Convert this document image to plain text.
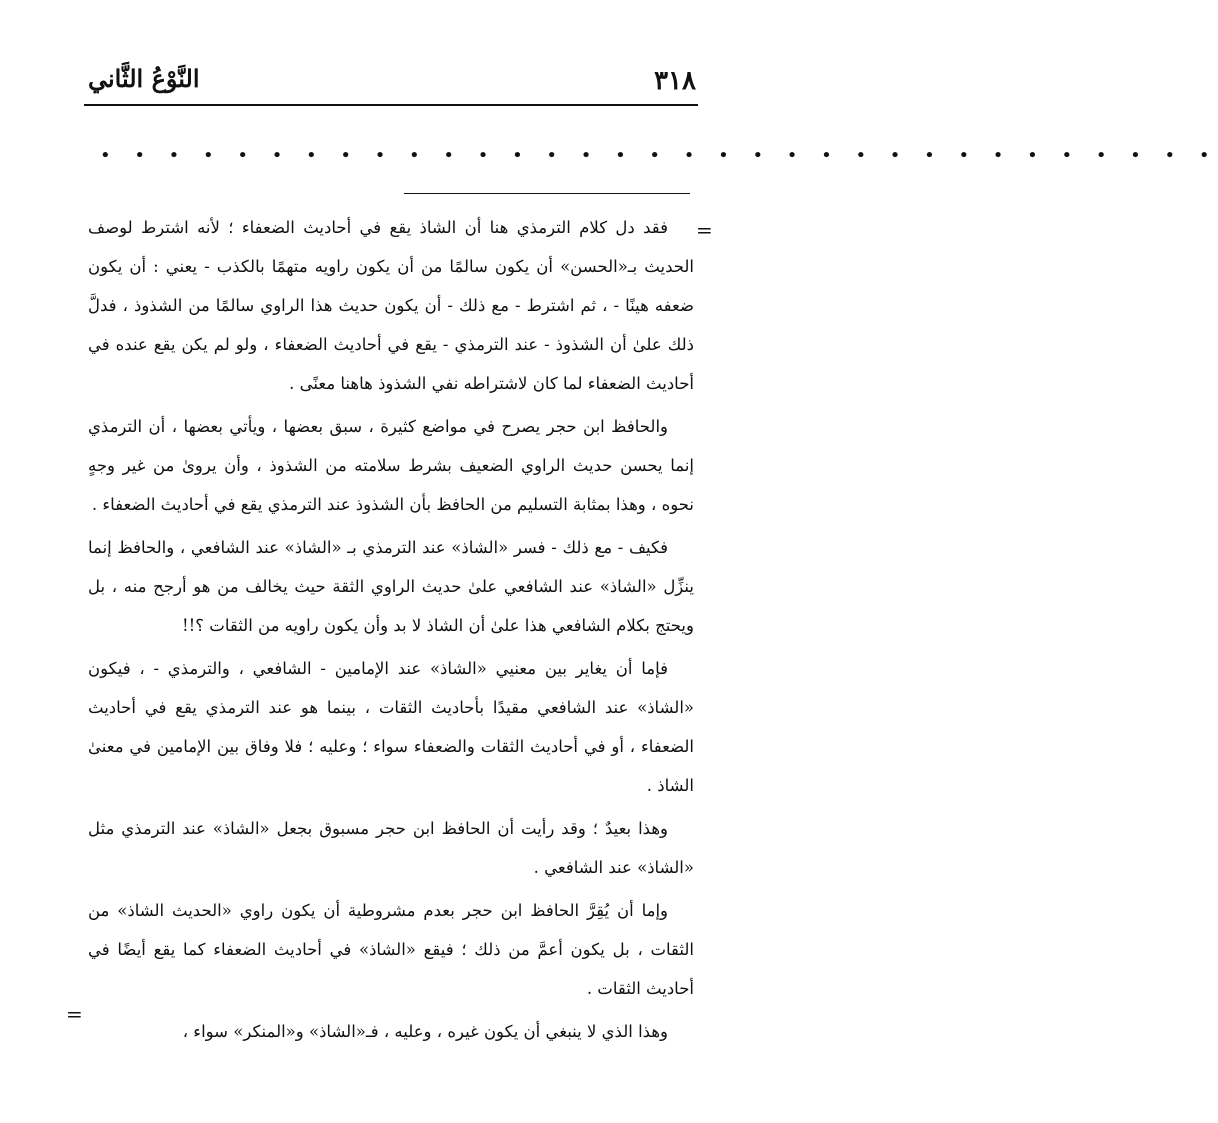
٣١٨
النَّوْعُ الثَّاني
• • • • • • • • • • • • • • • • • • • • • • • • • • • • • • • • •
=

فقد دل كلام الترمذي هنا أن الشاذ يقع في أحاديث الضعفاء ؛ لأنه اشترط لوصف الحديث بـ«الحسن» أن يكون سالمًا من أن يكون راويه متهمًا بالكذب - يعني : أن يكون ضعفه هينًا - ، ثم اشترط - مع ذلك - أن يكون حديث هذا الراوي سالمًا من الشذوذ ، فدلَّ ذلك علىٰ أن الشذوذ - عند الترمذي - يقع في أحاديث الضعفاء ، ولو لم يكن يقع عنده في أحاديث الضعفاء لما كان لاشتراطه نفي الشذوذ هاهنا معنًى .

والحافظ ابن حجر يصرح في مواضع كثيرة ، سبق بعضها ، ويأتي بعضها ، أن الترمذي إنما يحسن حديث الراوي الضعيف بشرط سلامته من الشذوذ ، وأن يروىٰ من غير وجهٍ نحوه ، وهذا بمثابة التسليم من الحافظ بأن الشذوذ عند الترمذي يقع في أحاديث الضعفاء .

فكيف - مع ذلك - فسر «الشاذ» عند الترمذي بـ «الشاذ» عند الشافعي ، والحافظ إنما ينزِّل «الشاذ» عند الشافعي علىٰ حديث الراوي الثقة حيث يخالف من هو أرجح منه ، بل ويحتج بكلام الشافعي هذا علىٰ أن الشاذ لا بد وأن يكون راويه من الثقات ؟!!

فإما أن يغاير بين معنيي «الشاذ» عند الإمامين - الشافعي ، والترمذي - ، فيكون «الشاذ» عند الشافعي مقيدًا بأحاديث الثقات ، بينما هو عند الترمذي يقع في أحاديث الضعفاء ، أو في أحاديث الثقات والضعفاء سواء ؛ وعليه ؛ فلا وفاق بين الإمامين في معنىٰ الشاذ .

وهذا بعيدٌ ؛ وقد رأيت أن الحافظ ابن حجر مسبوق بجعل «الشاذ» عند الترمذي مثل «الشاذ» عند الشافعي .

وإما أن يُقِرَّ الحافظ ابن حجر بعدم مشروطية أن يكون راوي «الحديث الشاذ» من الثقات ، بل يكون أعمَّ من ذلك ؛ فيقع «الشاذ» في أحاديث الضعفاء كما يقع أيضًا في أحاديث الثقات .

وهذا الذي لا ينبغي أن يكون غيره ، وعليه ، فـ«الشاذ» و«المنكر» سواء ،

=
